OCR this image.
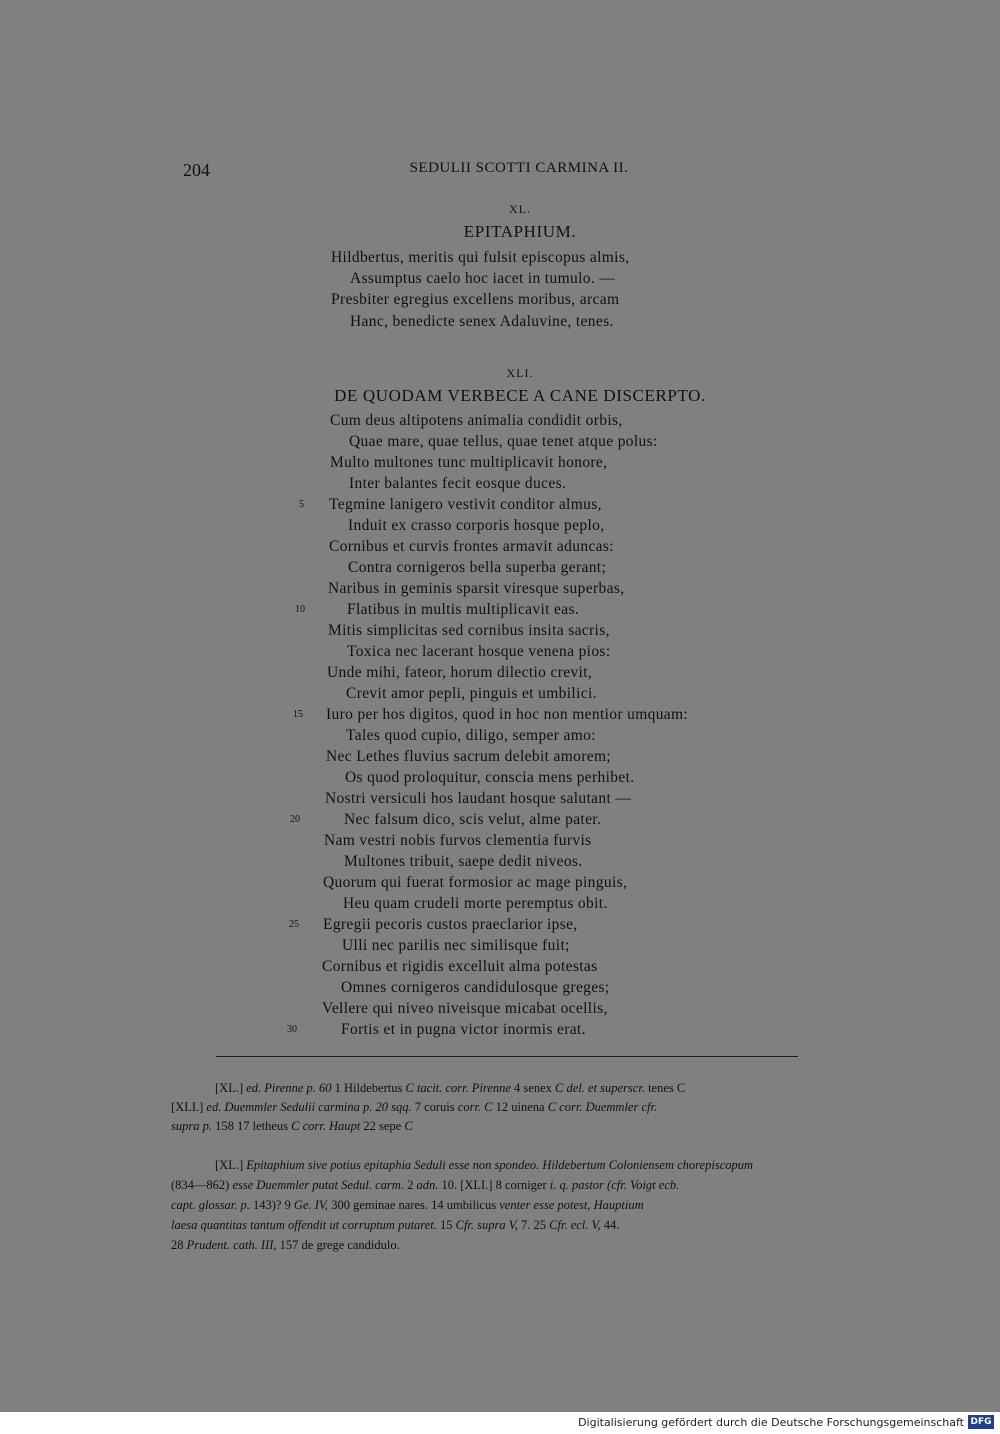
204	SEDULII SCOTTI CARMINA II.
XL.
EPITAPHIUM.
Hildbertus, meritis qui fulsit episcopus almis,
Assumptus caelo hoc iacet in tumulo. —
Presbiter egregius excellens moribus, arcam
Hanc, benedicte senex Adaluvine, tenes.
XLI.
DE QUODAM VERBECE A CANE DISCERPTO.
Cum deus altipotens animalia condidit orbis,
Quae mare, quae tellus, quae tenet atque polus:
Multo multones tunc multiplicavit honore,
Inter balantes fecit eosque duces.
5 Tegmine lanigero vestivit conditor almus,
Induit ex crasso corporis hosque peplo,
Cornibus et curvis frontes armavit aduncas:
Contra cornigeros bella superba gerant;
Naribus in geminis sparsit viresque superbas,
10	Flatibus in multis multiplicavit eas.
Mitis simplicitas sed cornibus insita sacris,
Toxica nec lacerant hosque venena pios:
Unde mihi, fateor, horum dilectio crevit,
Crevit amor pepli, pinguis et umbilici.
15 Iuro per hos digitos, quod in hoc non mentior umquam:
Tales quod cupio, diligo, semper amo:
Nec Lethes fluvius sacrum delebit amorem;
Os quod proloquitur, conscia mens perhibet.
Nostri versiculi hos laudant hosque salutant —
20	Nec falsum dico, scis velut, alme pater.
Nam vestri nobis furvos clementia furvis
Multones tribuit, saepe dedit niveos.
Quorum qui fuerat formosior ac mage pinguis,
Heu quam crudeli morte peremptus obit.
25 Egregii pecoris custos praeclarior ipse,
Ulli nec parilis nec similisque fuit;
Cornibus et rigidis excelluit alma potestas
Omnes cornigeros candidulosque greges;
Vellere qui niveo niveisque micabat ocellis,
30	Fortis et in pugna victor inormis erat.
[XL.] ed. Pirenne p. 60 1 Hildebertus C tacit. corr. Pirenne 4 senex C del. et superscr. tenes C
[XLI.] ed. Duemmler Sedulii carmina p. 20 sqq. 7 coruis corr. C 12 uinena C corr. Duemmler cfr.
supra p. 158 17 letheus C corr. Haupt 22 sepe C
[XL.] Epitaphium sive potius epitaphia Seduli esse non spondeo. Hildebertum Coloniensem chorepiscopum
(834—862) esse Duemmler putat Sedul. carm. 2 adn. 10. [XLI.] 8 corniger i. q. pastor (cfr. Voigt ecb.
capt. glossar. p. 143)? 9 Ge. IV, 300 geminae nares. 14 umbilicus venter esse potest, Hauptium
laesa quantitas tantum offendit ut corruptum putaret. 15 Cfr. supra V, 7. 25 Cfr. ecl. V, 44.
28 Prudent. cath. III, 157 de grege candidulo.
Digitalisierung gefördert durch die Deutsche Forschungsgemeinschaft DFG
